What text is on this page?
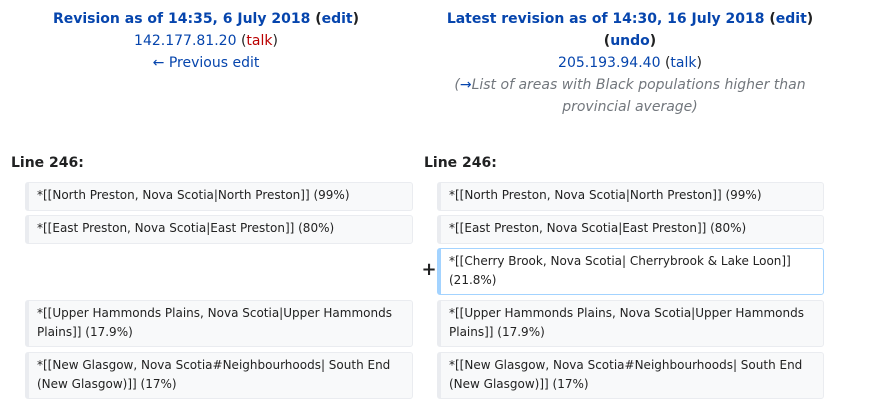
Revision as of 14:35, 6 July 2018 (edit)
142.177.81.20 (talk)
← Previous edit
Latest revision as of 14:30, 16 July 2018 (edit)
(undo)
205.193.94.40 (talk)
(→List of areas with Black populations higher than provincial average)
Line 246:	Line 246:
*[[North Preston, Nova Scotia|North Preston]] (99%)
*[[East Preston, Nova Scotia|East Preston]] (80%)
*[[Upper Hammonds Plains, Nova Scotia|Upper Hammonds Plains]] (17.9%)
*[[New Glasgow, Nova Scotia#Neighbourhoods| South End (New Glasgow)]] (17%)
+
*[[North Preston, Nova Scotia|North Preston]] (99%)
*[[East Preston, Nova Scotia|East Preston]] (80%)
*[[Cherry Brook, Nova Scotia| Cherrybrook & Lake Loon]] (21.8%)
*[[Upper Hammonds Plains, Nova Scotia|Upper Hammonds Plains]] (17.9%)
*[[New Glasgow, Nova Scotia#Neighbourhoods| South End (New Glasgow)]] (17%)
